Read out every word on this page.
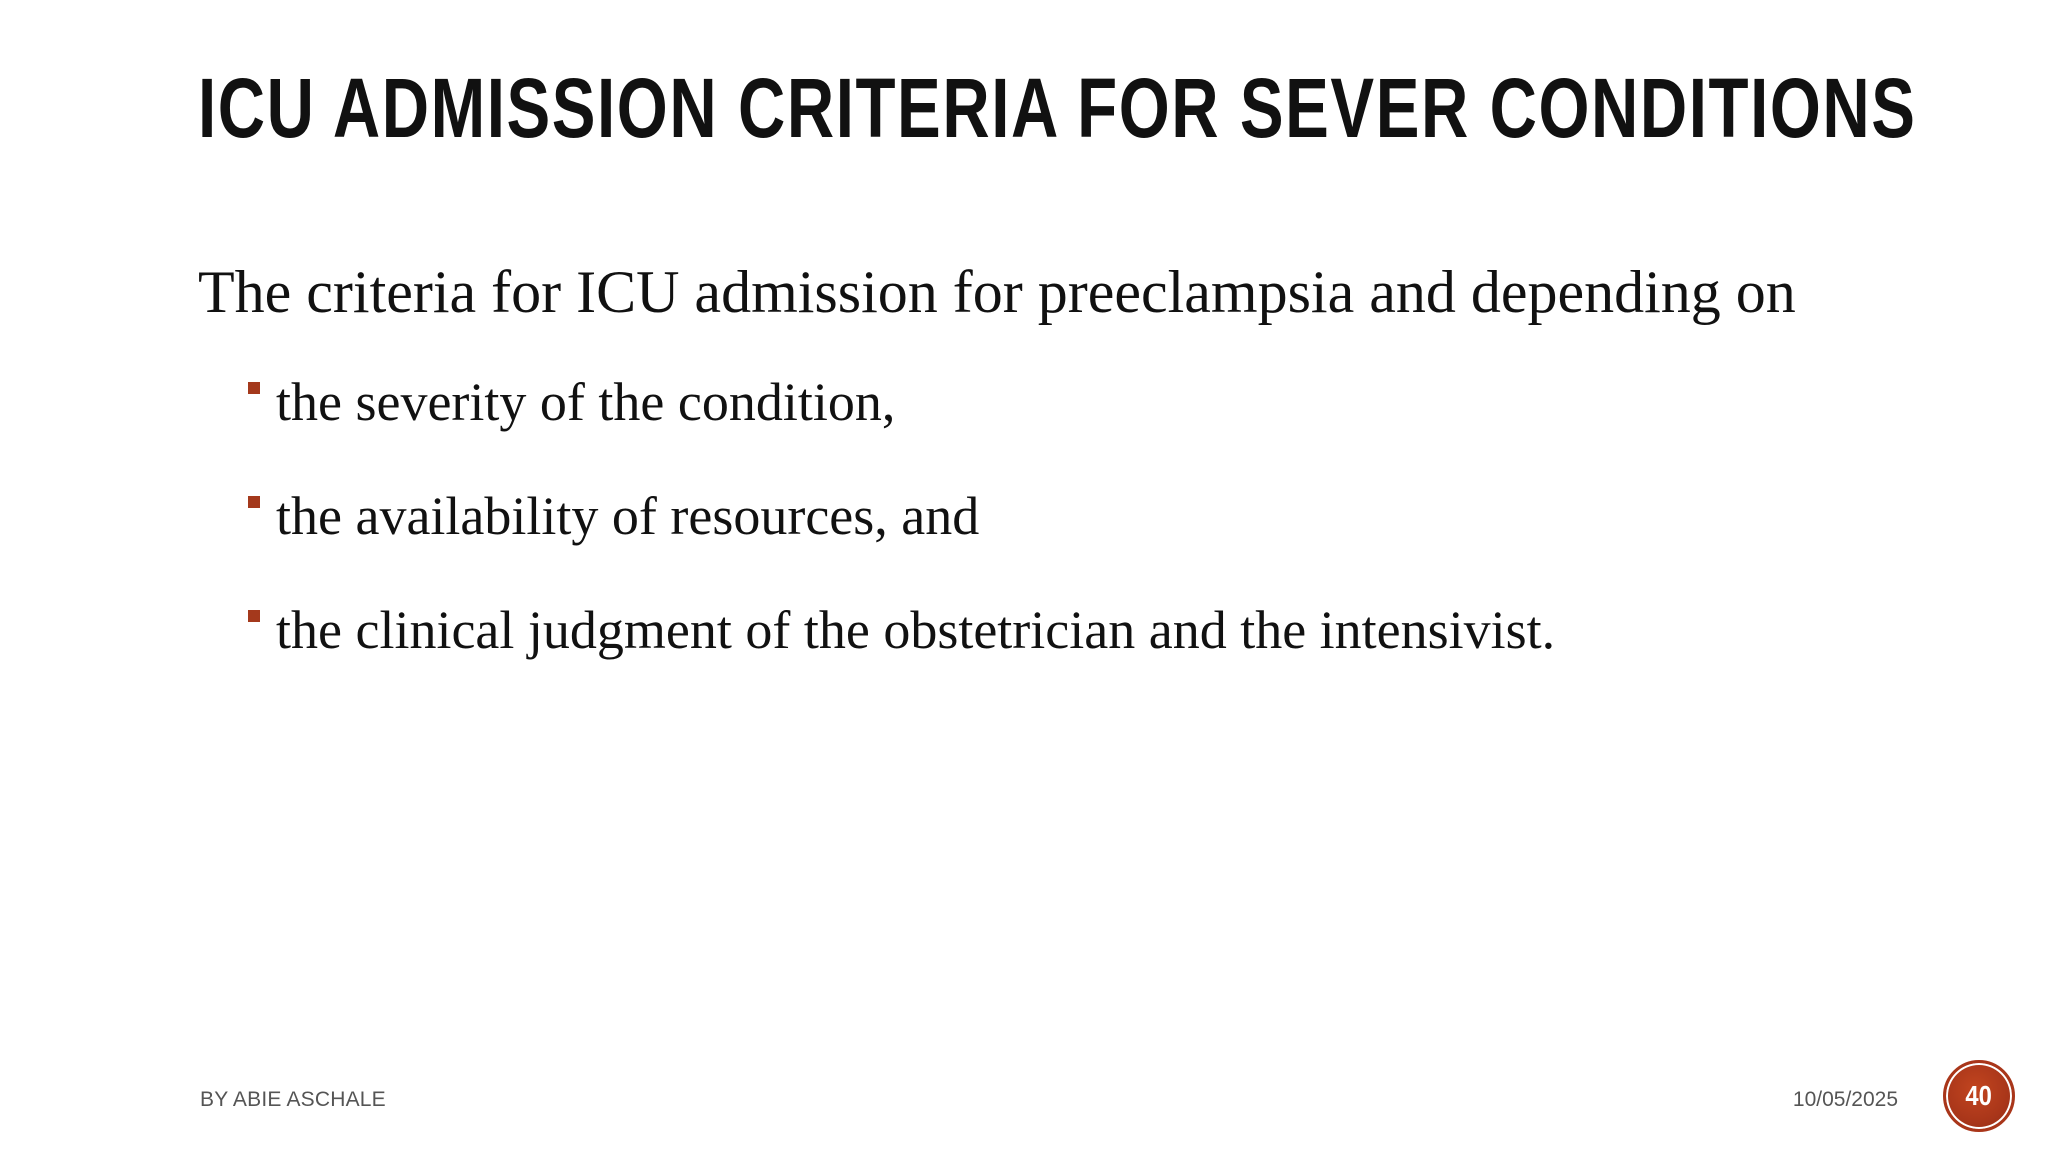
ICU ADMISSION CRITERIA FOR SEVER CONDITIONS

The criteria for ICU admission for preeclampsia and depending on

the severity of the condition,
the availability of resources, and
the clinical judgment of the obstetrician and the intensivist.
BY ABIE ASCHALE	10/05/2025 40
